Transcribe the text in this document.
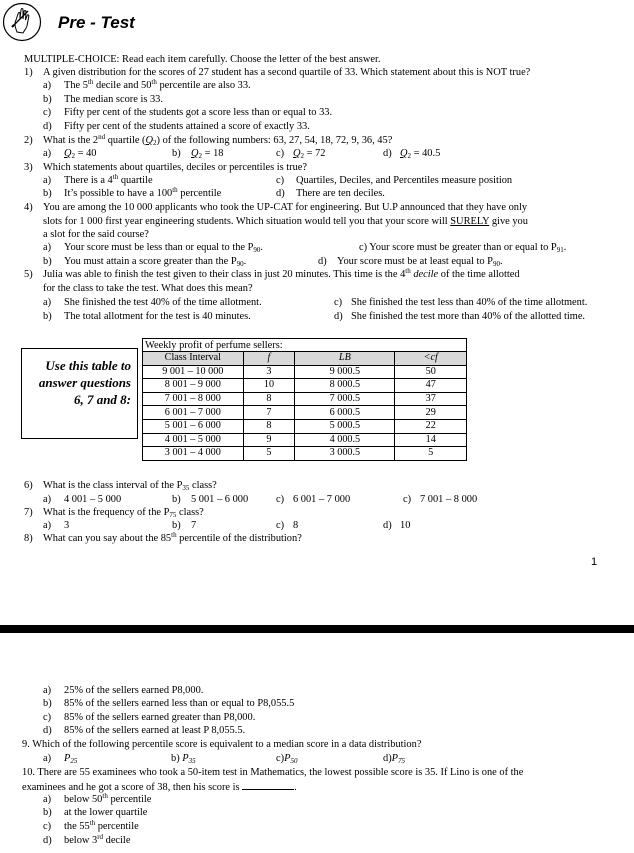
Pre - Test
MULTIPLE-CHOICE: Read each item carefully. Choose the letter of the best answer.
1) A given distribution for the scores of 27 student has a second quartile of 33. Which statement about this is NOT true?
a) The 5th decile and 50th percentile are also 33.
b) The median score is 33.
c) Fifty per cent of the students got a score less than or equal to 33.
d) Fifty per cent of the students attained a score of exactly 33.
2) What is the 2nd quartile (Q2) of the following numbers: 63, 27, 54, 18, 72, 9, 36, 45?
a) Q2 = 40	b) Q2 = 18	c) Q2 = 72	d) Q2 = 40.5
3) Which statements about quartiles, deciles or percentiles is true?
a) There is a 4th quartile
b) It’s possible to have a 100th percentile
c) Quartiles, Deciles, and Percentiles measure position
d) There are ten deciles.
4) You are among the 10 000 applicants who took the UP-CAT for engineering. But U.P announced that they have only
slots for 1 000 first year engineering students. Which situation would tell you that your score will SURELY give you
a slot for the said course?
a) Your score must be less than or equal to the P90.
b) You must attain a score greater than the P90.
c) Your score must be greater than or equal to P91.
d) Your score must be at least equal to P90.
5) Julia was able to finish the test given to their class in just 20 minutes. This time is the 4th decile of the time allotted
for the class to take the test. What does this mean?
a) She finished the test 40% of the time allotment.
b) The total allotment for the test is 40 minutes.
c) She finished the test less than 40% of the time allotment.
d) She finished the test more than 40% of the allotted time.
Use this table to answer questions 6, 7 and 8:
Weekly profit of perfume sellers:
Class Interval	f	LB	<cf
9 001 – 10 000	3	9 000.5	50
8 001 – 9 000	10	8 000.5	47
7 001 – 8 000	8	7 000.5	37
6 001 – 7 000	7	6 000.5	29
5 001 – 6 000	8	5 000.5	22
4 001 – 5 000	9	4 000.5	14
3 001 – 4 000	5	3 000.5	5
6) What is the class interval of the P35 class?
a) 4 001 – 5 000	b) 5 001 – 6 000	c) 6 001 – 7 000	c) 7 001 – 8 000
7) What is the frequency of the P75 class?
a) 3	b) 7	c) 8	d) 10
8) What can you say about the 85th percentile of the distribution?
1
a) 25% of the sellers earned P8,000.
b) 85% of the sellers earned less than or equal to P8,055.5
c) 85% of the sellers earned greater than P8,000.
d) 85% of the sellers earned at least P 8,055.5.
9. Which of the following percentile score is equivalent to a median score in a data distribution?
a) P25	b) P35	c)P50	d)P75
10. There are 55 examinees who took a 50-item test in Mathematics, the lowest possible score is 35. If Lino is one of the
examinees and he got a score of 38, then his score is	.
a) below 50th percentile
b) at the lower quartile
c) the 55th percentile
d) below 3rd decile
